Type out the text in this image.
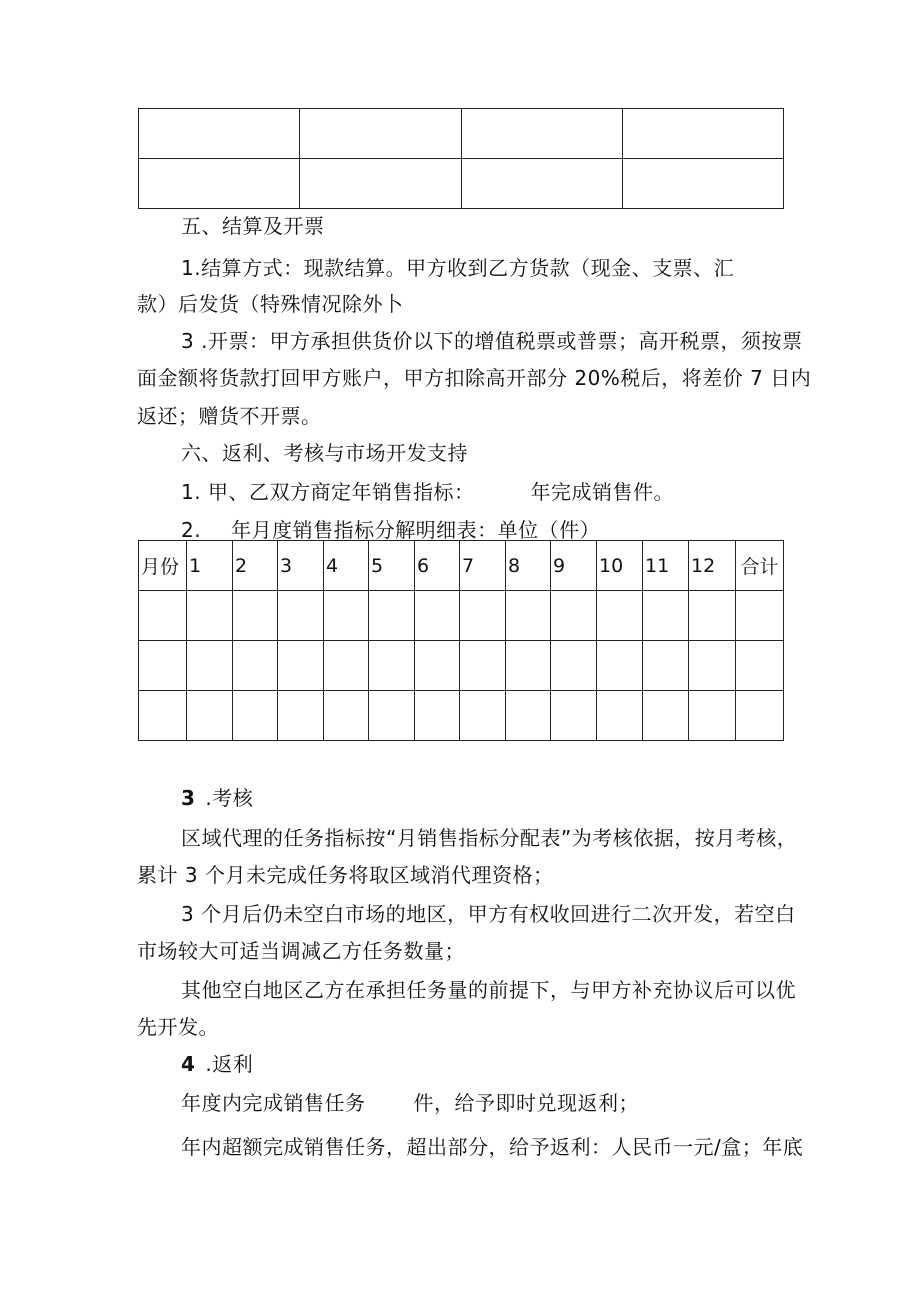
五、结算及开票
1.结算方式：现款结算。甲方收到乙方货款（现金、支票、汇
款）后发货（特殊情况除外卜
3 .开票：甲方承担供货价以下的增值税票或普票；高开税票，须按票
面金额将货款打回甲方账户，甲方扣除高开部分 20%税后，将差价 7 日内
返还；赠货不开票。
六、返利、考核与市场开发支持
1. 甲、乙双方商定年销售指标：	年完成销售件。
2. 年月度销售指标分解明细表：单位（件）
月份	1	2	3	4	5	6	7	8	9	10	11	12	合计

3 .考核
区域代理的任务指标按“月销售指标分配表”为考核依据，按月考核，
累计 3 个月未完成任务将取区域消代理资格；
3 个月后仍未空白市场的地区，甲方有权收回进行二次开发，若空白
市场较大可适当调减乙方任务数量；
其他空白地区乙方在承担任务量的前提下，与甲方补充协议后可以优
先开发。
4 .返利
年度内完成销售任务 件，给予即时兑现返利；
年内超额完成销售任务，超出部分，给予返利：人民币一元/盒；年底
